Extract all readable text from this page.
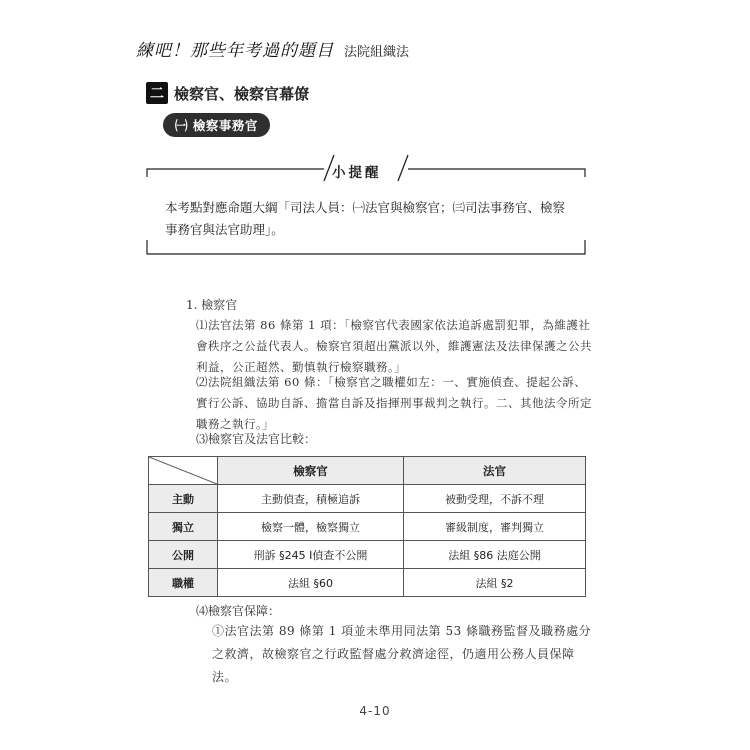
練吧！那些年考過的題目 法院組織法
二 檢察官、檢察官幕僚
㈠ 檢察事務官
小提醒
本考點對應命題大綱「司法人員：㈠法官與檢察官；㈢司法事務官、檢察事務官與法官助理」。
1. 檢察官
⑴法官法第 86 條第 1 項：「檢察官代表國家依法追訴處罰犯罪，為維護社會秩序之公益代表人。檢察官須超出黨派以外，維護憲法及法律保護之公共利益，公正超然、勤慎執行檢察職務。」
⑵法院組織法第 60 條：「檢察官之職權如左：一、實施偵查、提起公訴、實行公訴、協助自訴、擔當自訴及指揮刑事裁判之執行。二、其他法令所定職務之執行。」
⑶檢察官及法官比較：
	檢察官	法官
主動	主動偵查，積極追訴	被動受理，不訴不理
獨立	檢察一體，檢察獨立	審級制度，審判獨立
公開	刑訴 §245 Ⅰ偵查不公開	法組 §86 法庭公開
職權	法組 §60	法組 §2
⑷檢察官保障：
①法官法第 89 條第 1 項並未準用同法第 53 條職務監督及職務處分之救濟，故檢察官之行政監督處分救濟途徑，仍適用公務人員保障法。
4-10
